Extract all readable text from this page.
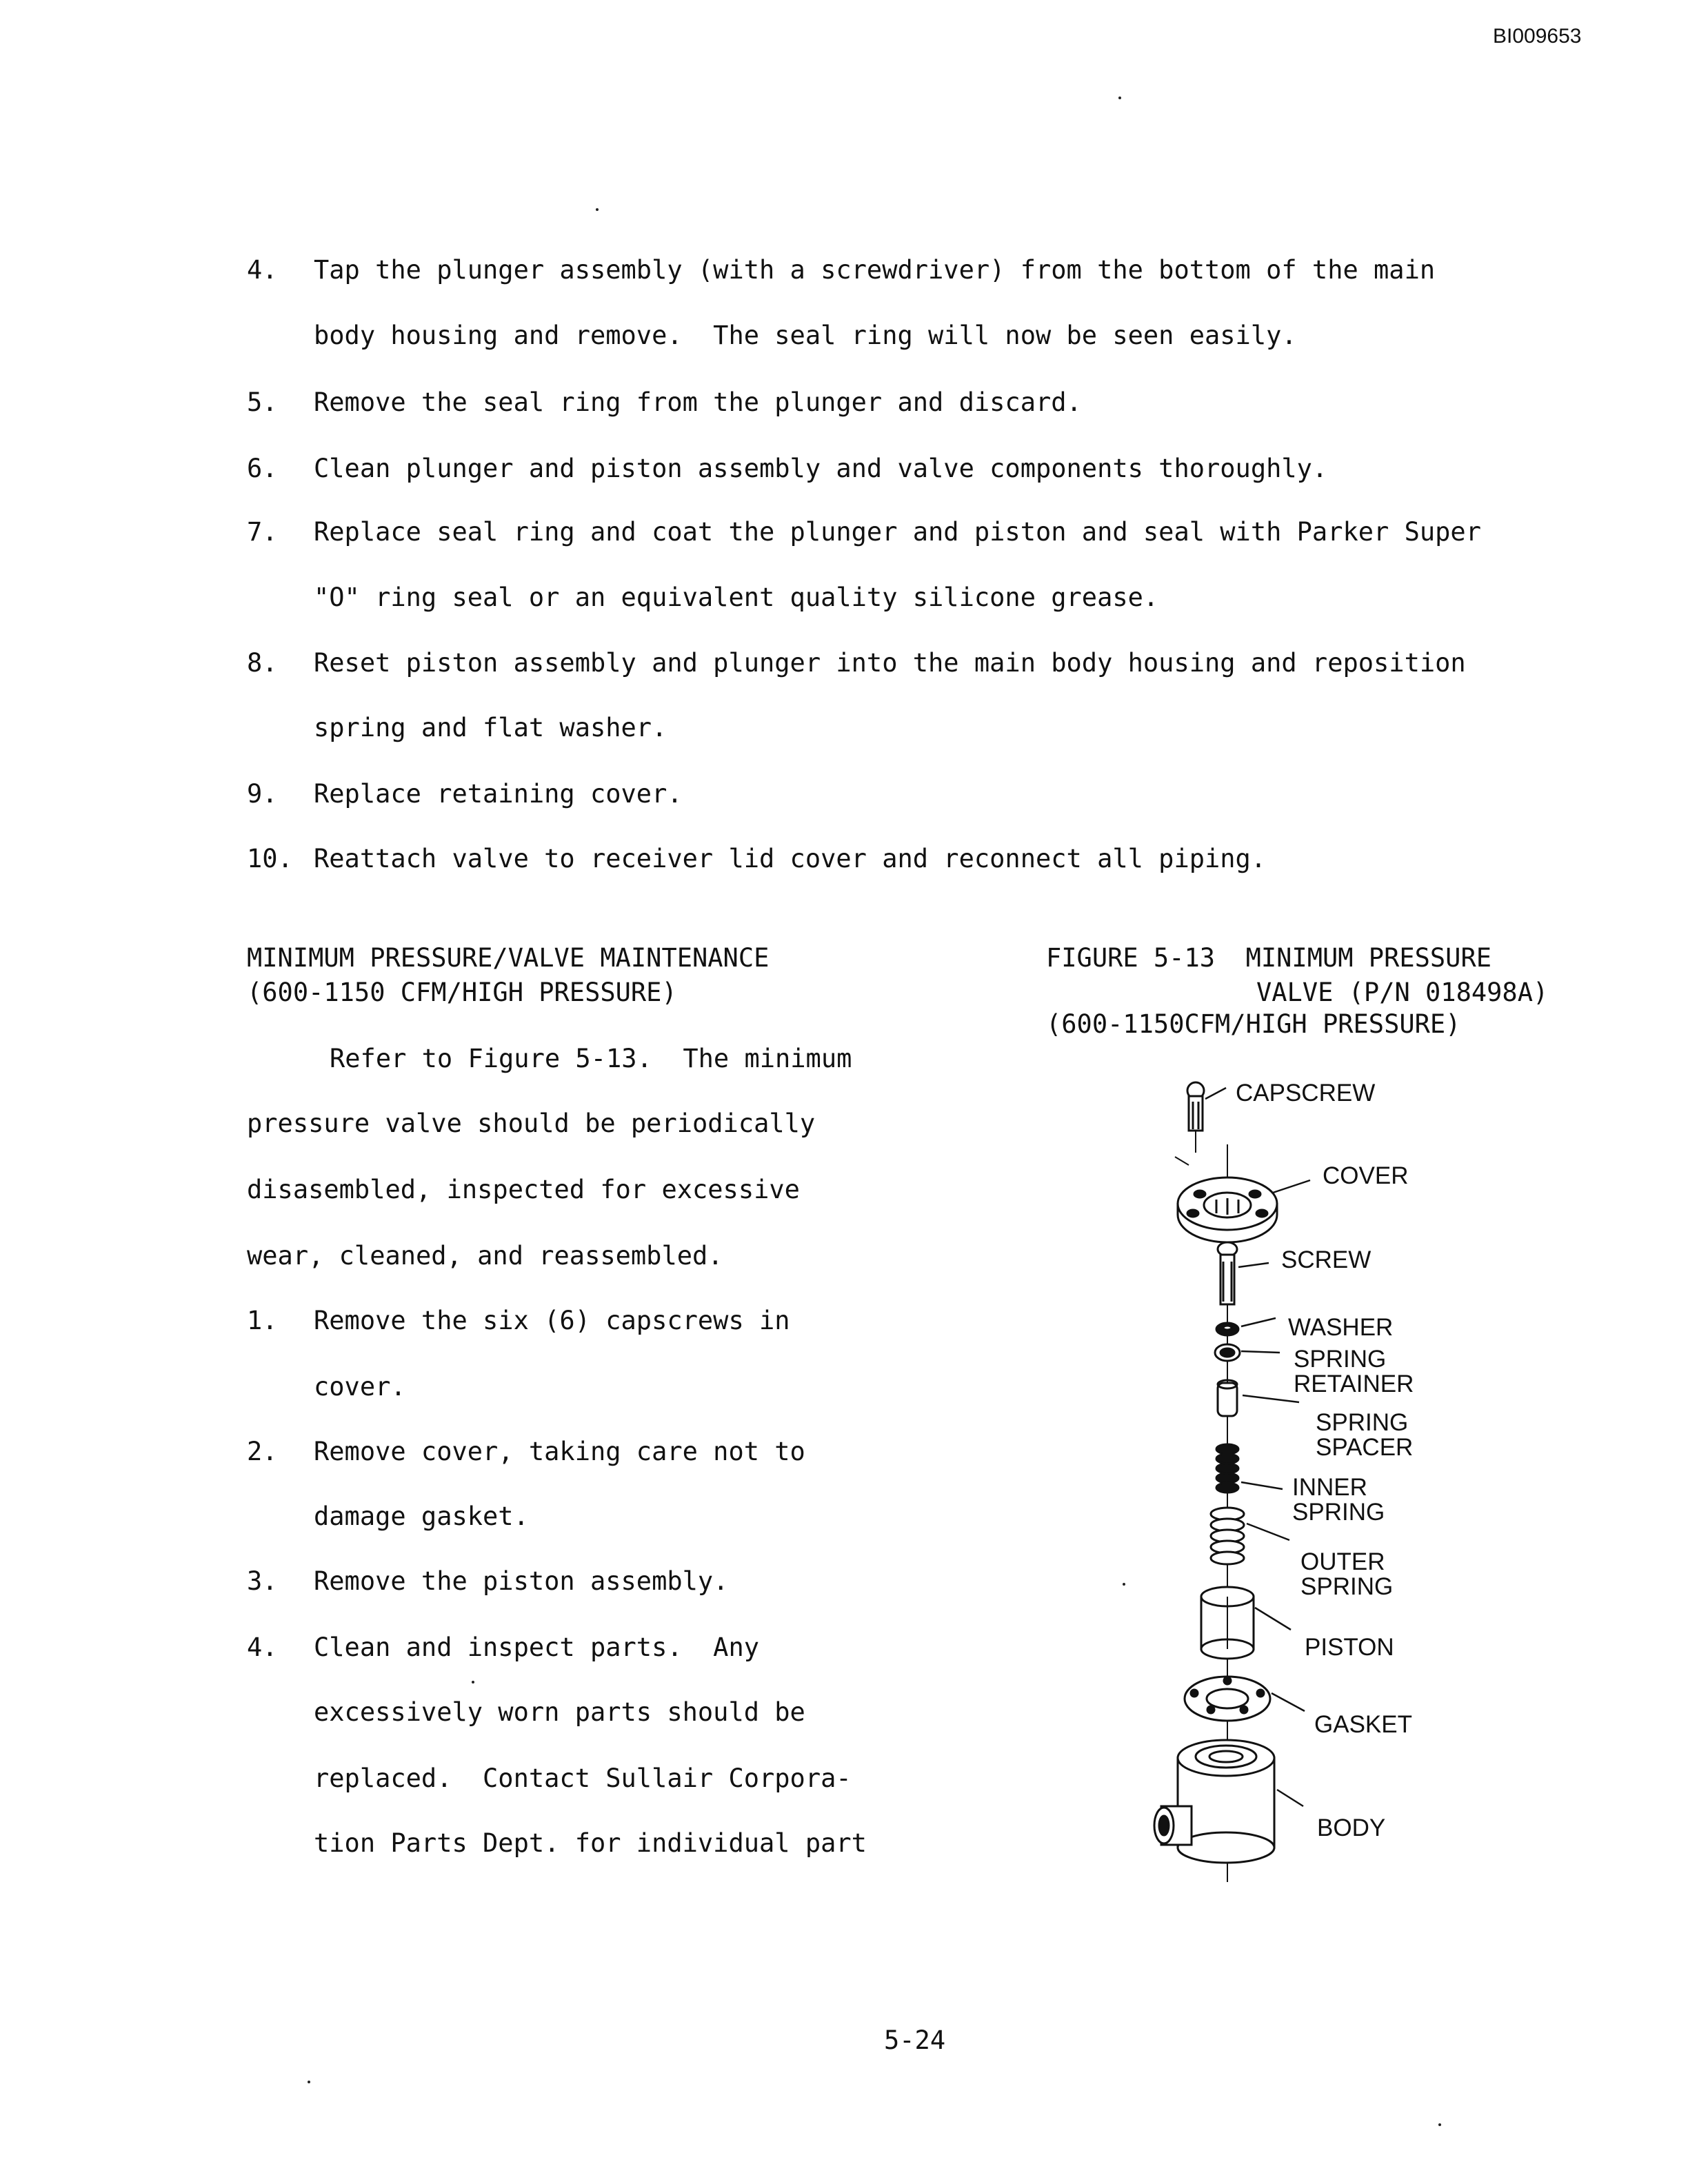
BI009653
4. Tap the plunger assembly (with a screwdriver) from the bottom of the main
body housing and remove.  The seal ring will now be seen easily.
5. Remove the seal ring from the plunger and discard.
6. Clean plunger and piston assembly and valve components thoroughly.
7. Replace seal ring and coat the plunger and piston and seal with Parker Super
"O" ring seal or an equivalent quality silicone grease.
8. Reset piston assembly and plunger into the main body housing and reposition
spring and flat washer.
9. Replace retaining cover.
10. Reattach valve to receiver lid cover and reconnect all piping.
MINIMUM PRESSURE/VALVE MAINTENANCE
(600-1150 CFM/HIGH PRESSURE)
Refer to Figure 5-13.  The minimum
pressure valve should be periodically
disasembled, inspected for excessive
wear, cleaned, and reassembled.
1. Remove the six (6) capscrews in
cover.
2. Remove cover, taking care not to
damage gasket.
3. Remove the piston assembly.
4. Clean and inspect parts.  Any
excessively worn parts should be
replaced.  Contact Sullair Corpora-
tion Parts Dept. for individual part
FIGURE 5-13  MINIMUM PRESSURE
VALVE (P/N 018498A)
(600-1150CFM/HIGH PRESSURE)
CAPSCREW
COVER
SCREW
WASHER
SPRING
RETAINER
SPRING
SPACER
INNER
SPRING
OUTER
SPRING
PISTON
GASKET
BODY
5-24
